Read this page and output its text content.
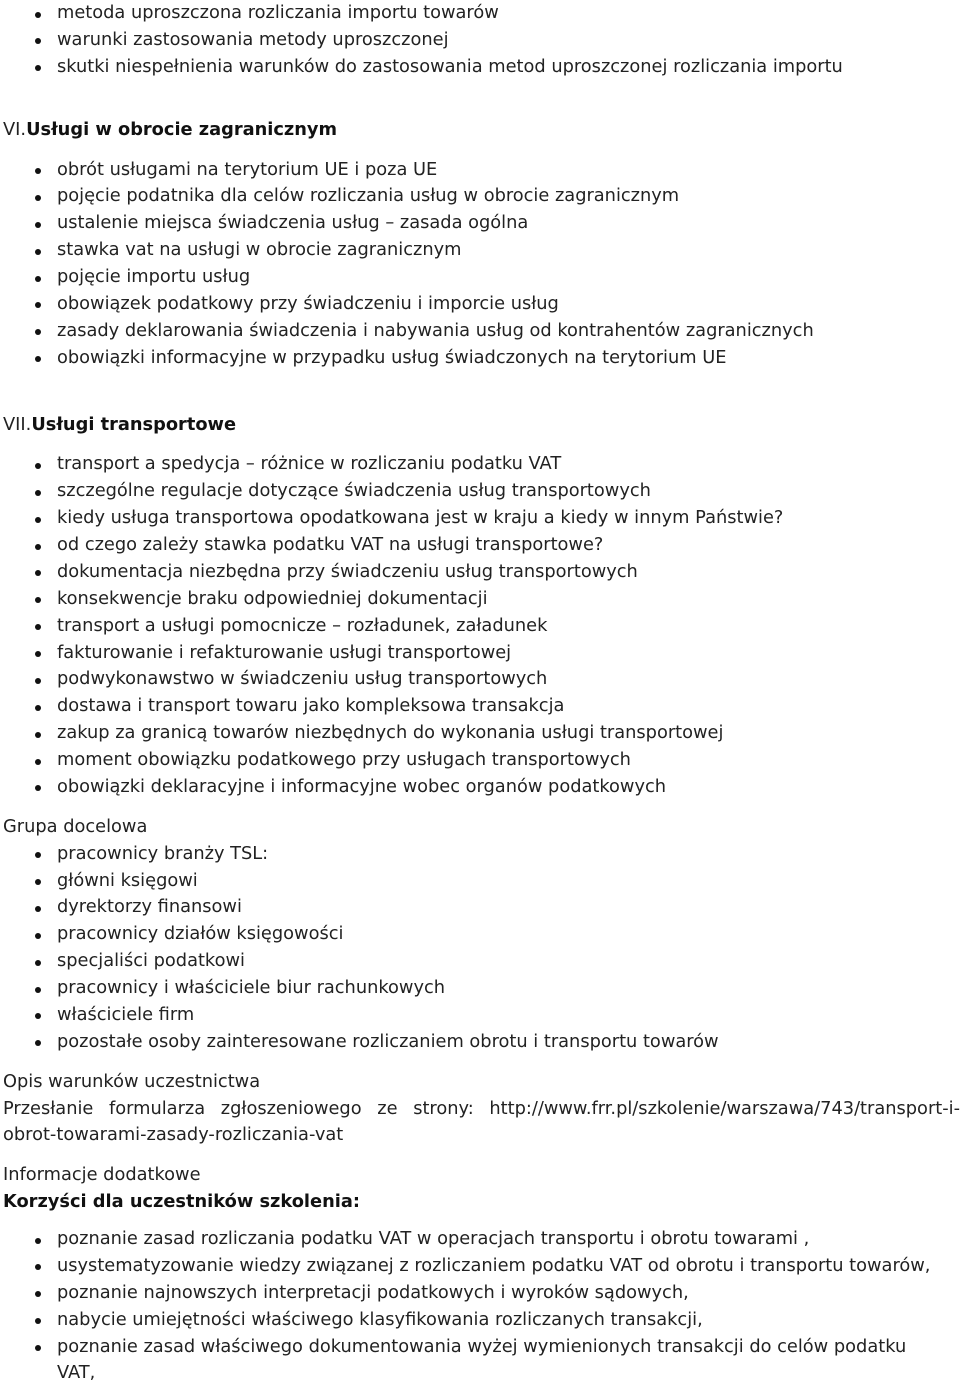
metoda uproszczona rozliczania importu towarów
warunki zastosowania metody uproszczonej
skutki niespełnienia warunków do zastosowania metod uproszczonej rozliczania importu
VI.Usługi w obrocie zagranicznym
obrót usługami na terytorium UE i poza UE
pojęcie podatnika dla celów rozliczania usług w obrocie zagranicznym
ustalenie miejsca świadczenia usług – zasada ogólna
stawka vat na usługi w obrocie zagranicznym
pojęcie importu usług
obowiązek podatkowy przy świadczeniu i imporcie usług
zasady deklarowania świadczenia i nabywania usług od kontrahentów zagranicznych
obowiązki informacyjne w przypadku usług świadczonych na terytorium UE
VII.Usługi transportowe
transport a spedycja – różnice w rozliczaniu podatku VAT
szczególne regulacje dotyczące świadczenia usług transportowych
kiedy usługa transportowa opodatkowana jest w kraju a kiedy w innym Państwie?
od czego zależy stawka podatku VAT na usługi transportowe?
dokumentacja niezbędna przy świadczeniu usług transportowych
konsekwencje braku odpowiedniej dokumentacji
transport a usługi pomocnicze – rozładunek, załadunek
fakturowanie i refakturowanie usługi transportowej
podwykonawstwo w świadczeniu usług transportowych
dostawa i transport towaru jako kompleksowa transakcja
zakup za granicą towarów niezbędnych do wykonania usługi transportowej
moment obowiązku podatkowego przy usługach transportowych
obowiązki deklaracyjne i informacyjne wobec organów podatkowych
Grupa docelowa
pracownicy branży TSL:
główni księgowi
dyrektorzy finansowi
pracownicy działów księgowości
specjaliści podatkowi
pracownicy i właściciele biur rachunkowych
właściciele firm
pozostałe osoby zainteresowane rozliczaniem obrotu i transportu towarów
Opis warunków uczestnictwa
Przesłanie formularza zgłoszeniowego ze strony: http://www.frr.pl/szkolenie/warszawa/743/transport-i-obrot-towarami-zasady-rozliczania-vat
Informacje dodatkowe
Korzyści dla uczestników szkolenia:
poznanie zasad rozliczania podatku VAT w operacjach transportu i obrotu towarami ,
usystematyzowanie wiedzy związanej z rozliczaniem podatku VAT od obrotu i transportu towarów,
poznanie najnowszych interpretacji podatkowych i wyroków sądowych,
nabycie umiejętności właściwego klasyfikowania rozliczanych transakcji,
poznanie zasad właściwego dokumentowania wyżej wymienionych transakcji do celów podatku VAT,
